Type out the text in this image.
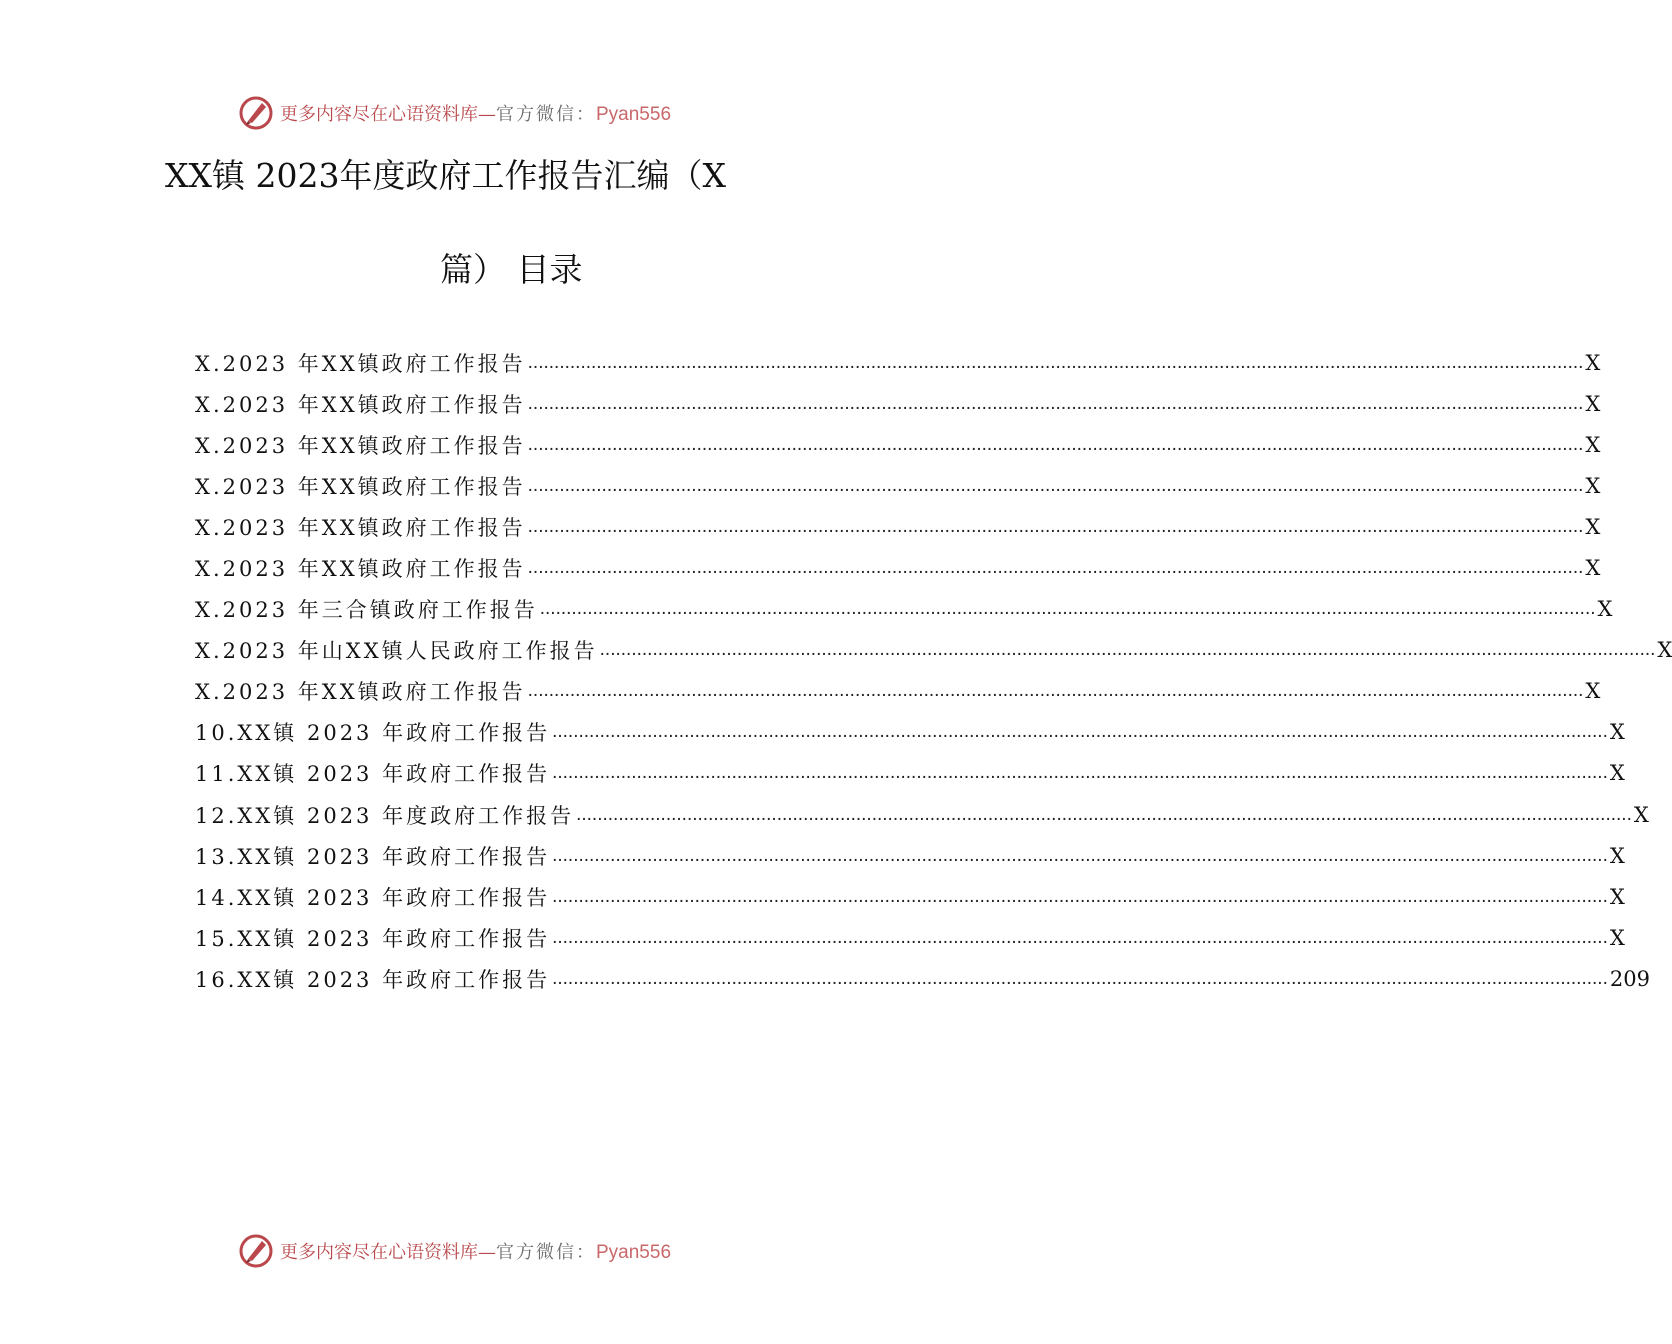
更多内容尽在心语资料库—官方微信：Pyan556
XX镇 2023年度政府工作报告汇编（X
篇） 目录
X.2023 年XX镇政府工作报告 ........................................................................................................................................................................................................ X
X.2023 年XX镇政府工作报告 ........................................................................................................................................................................................................ X
X.2023 年XX镇政府工作报告 ........................................................................................................................................................................................................ X
X.2023 年XX镇政府工作报告 ........................................................................................................................................................................................................ X
X.2023 年XX镇政府工作报告 ........................................................................................................................................................................................................ X
X.2023 年XX镇政府工作报告 ........................................................................................................................................................................................................ X
X.2023 年三合镇政府工作报告 ........................................................................................................................................................................................................ X
X.2023 年山XX镇人民政府工作报告 ........................................................................................................................................................................................................ X
X.2023 年XX镇政府工作报告 ........................................................................................................................................................................................................ X
10.XX镇 2023 年政府工作报告 ........................................................................................................................................................................................................ X
11.XX镇 2023 年政府工作报告 ........................................................................................................................................................................................................ X
12.XX镇 2023 年度政府工作报告 ........................................................................................................................................................................................................ X
13.XX镇 2023 年政府工作报告 ........................................................................................................................................................................................................ X
14.XX镇 2023 年政府工作报告 ........................................................................................................................................................................................................ X
15.XX镇 2023 年政府工作报告 ........................................................................................................................................................................................................ X
16.XX镇 2023 年政府工作报告 ........................................................................................................................................................................................................ 209
更多内容尽在心语资料库—官方微信：Pyan556
